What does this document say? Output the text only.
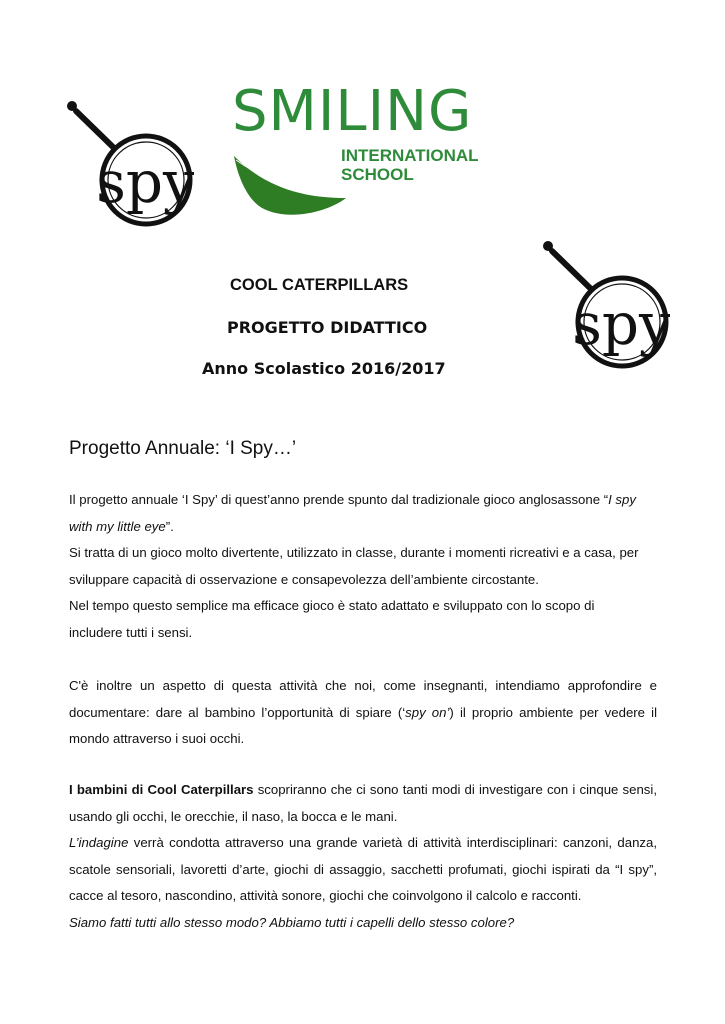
SMILING
INTERNATIONAL
SCHOOL
spy
spy
COOL CATERPILLARS
PROGETTO DIDATTICO
Anno Scolastico 2016/2017
Progetto Annuale: ‘I Spy…’

Il progetto annuale ‘I Spy’ di quest’anno prende spunto dal tradizionale gioco anglosassone “I spy

with my little eye”.

Si tratta di un gioco molto divertente, utilizzato in classe, durante i momenti ricreativi e a casa, per

sviluppare capacità di osservazione e consapevolezza dell’ambiente circostante.

Nel tempo questo semplice ma efficace gioco è stato adattato e sviluppato con lo scopo di

includere tutti i sensi.

C'è inoltre un aspetto di questa attività che noi, come insegnanti, intendiamo approfondire e documentare: dare al bambino l’opportunità di spiare (‘spy on’) il proprio ambiente per vedere il mondo attraverso i suoi occhi.

I bambini di Cool Caterpillars scopriranno che ci sono tanti modi di investigare con i cinque sensi, usando gli occhi, le orecchie, il naso, la bocca e le mani.

L’indagine verrà condotta attraverso una grande varietà di attività interdisciplinari: canzoni, danza, scatole sensoriali, lavoretti d’arte, giochi di assaggio, sacchetti profumati, giochi ispirati da “I spy”, cacce al tesoro, nascondino, attività sonore, giochi che coinvolgono il calcolo e racconti.

Siamo fatti tutti allo stesso modo? Abbiamo tutti i capelli dello stesso colore?
